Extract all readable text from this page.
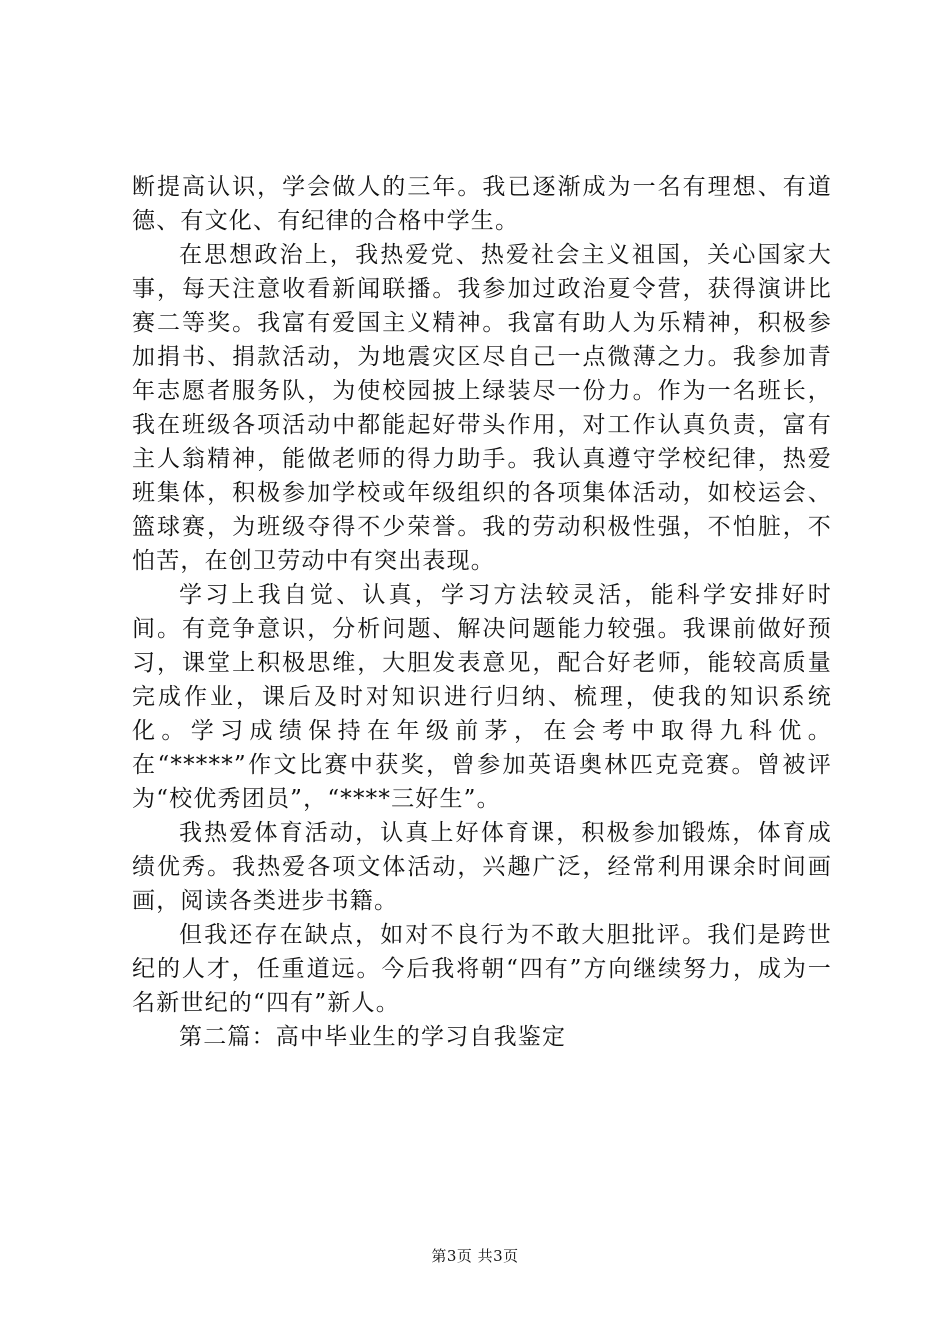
断提高认识，学会做人的三年。我已逐渐成为一名有理想、有道德、有文化、有纪律的合格中学生。

在思想政治上，我热爱党、热爱社会主义祖国，关心国家大事，每天注意收看新闻联播。我参加过政治夏令营，获得演讲比赛二等奖。我富有爱国主义精神。我富有助人为乐精神，积极参加捐书、捐款活动，为地震灾区尽自己一点微薄之力。我参加青年志愿者服务队，为使校园披上绿装尽一份力。作为一名班长，我在班级各项活动中都能起好带头作用，对工作认真负责，富有主人翁精神，能做老师的得力助手。我认真遵守学校纪律，热爱班集体，积极参加学校或年级组织的各项集体活动，如校运会、篮球赛，为班级夺得不少荣誉。我的劳动积极性强，不怕脏，不怕苦，在创卫劳动中有突出表现。

学习上我自觉、认真，学习方法较灵活，能科学安排好时间。有竞争意识，分析问题、解决问题能力较强。我课前做好预习，课堂上积极思维，大胆发表意见，配合好老师，能较高质量完成作业，课后及时对知识进行归纳、梳理，使我的知识系统化。学习成绩保持在年级前茅，在会考中取得九科优。在“*****”作文比赛中获奖，曾参加英语奥林匹克竞赛。曾被评为“校优秀团员”，“****三好生”。

我热爱体育活动，认真上好体育课，积极参加锻炼，体育成绩优秀。我热爱各项文体活动，兴趣广泛，经常利用课余时间画画，阅读各类进步书籍。

但我还存在缺点，如对不良行为不敢大胆批评。我们是跨世纪的人才，任重道远。今后我将朝“四有”方向继续努力，成为一名新世纪的“四有”新人。

第二篇：高中毕业生的学习自我鉴定

第3页 共3页
